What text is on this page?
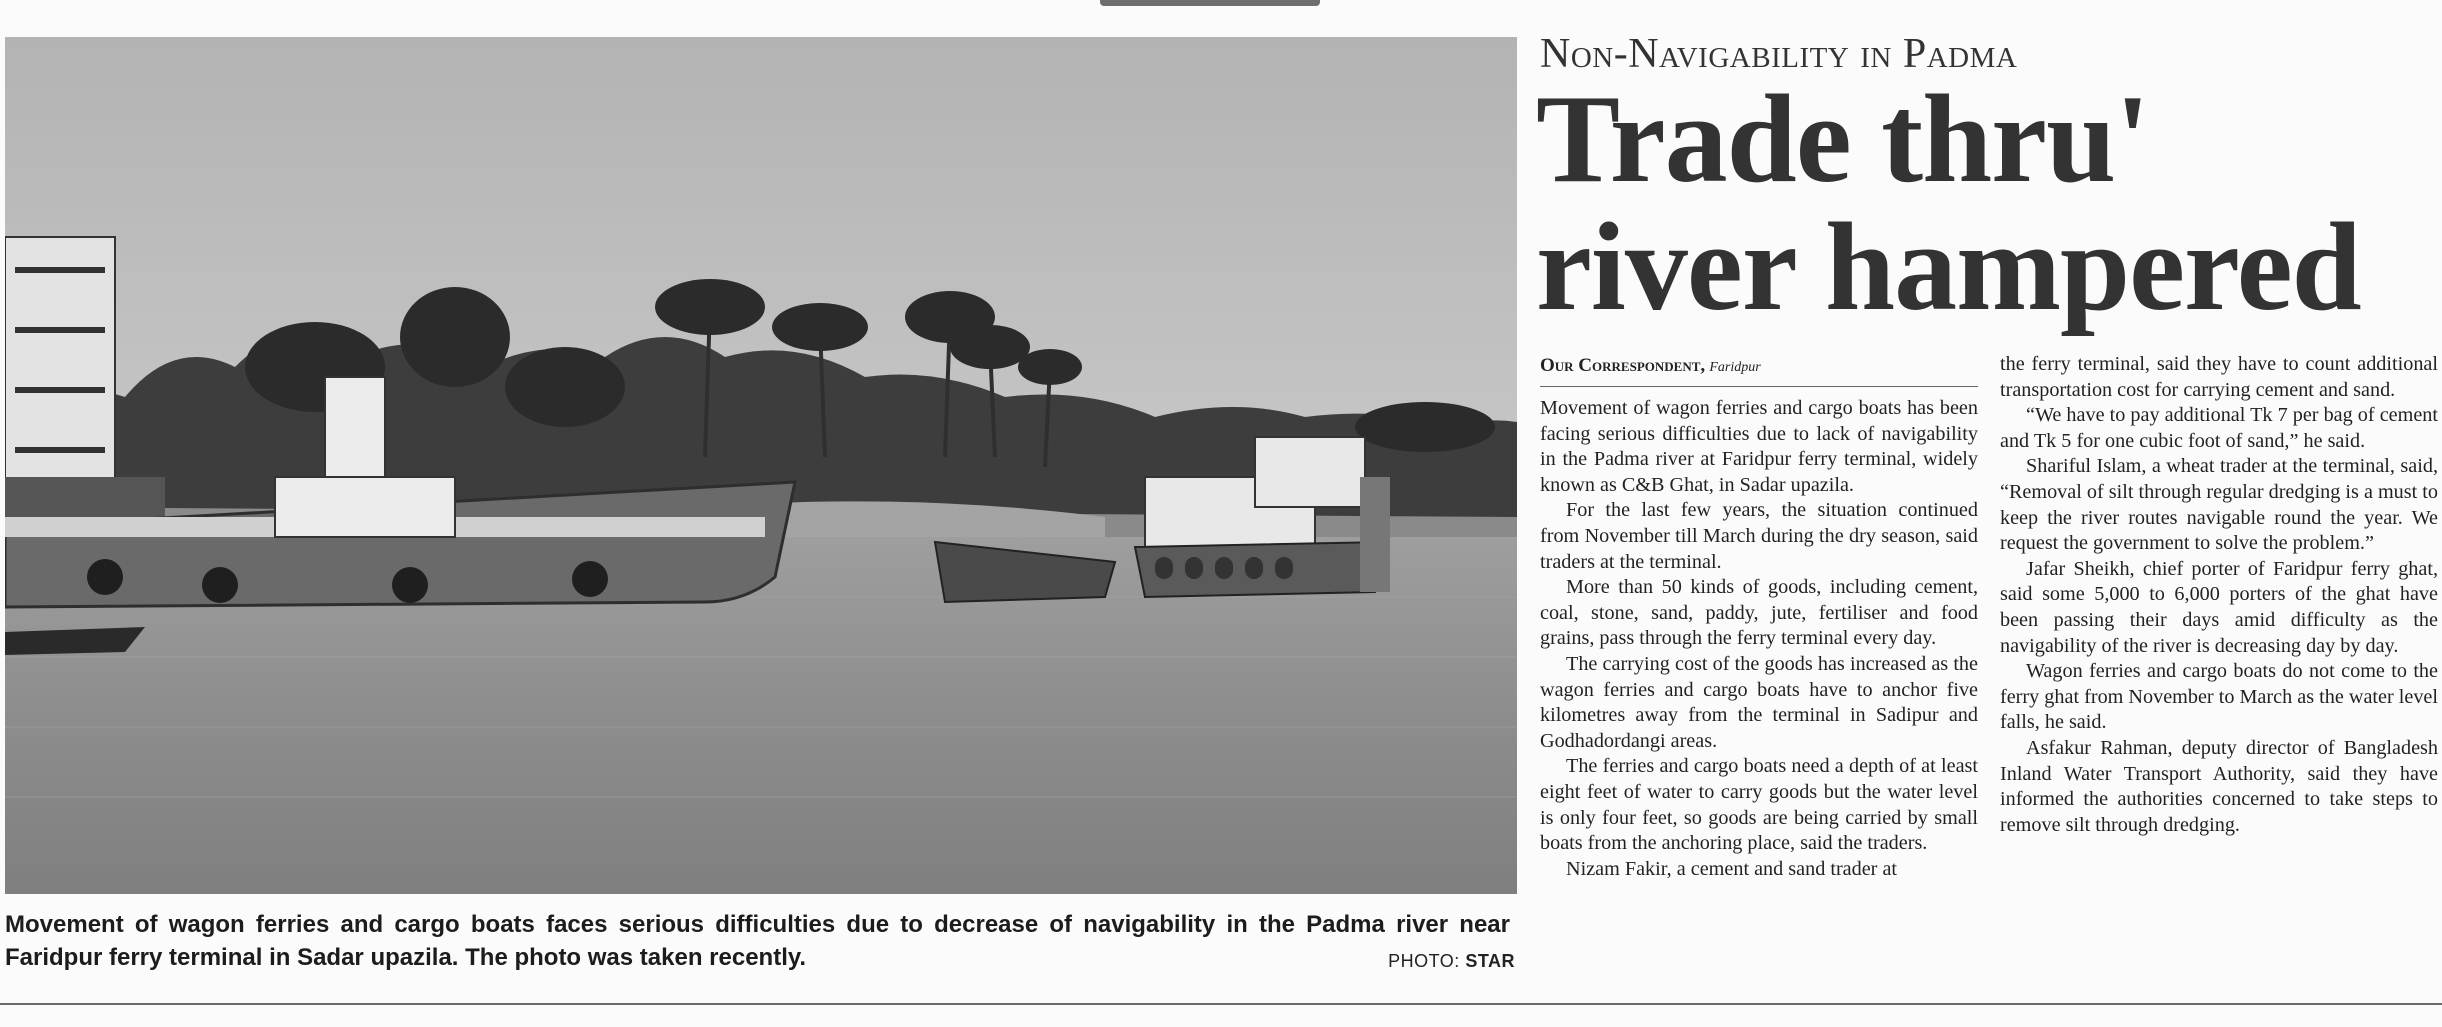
Movement of wagon ferries and cargo boats faces serious difficulties due to decrease of navigability in the Padma river near Faridpur ferry terminal in Sadar upazila. The photo was taken recently.	PHOTO: STAR
Non-Navigability in Padma
Trade thru' river hampered
Our Correspondent, Faridpur

Movement of wagon ferries and cargo boats has been facing serious difficulties due to lack of navigability in the Padma river at Faridpur ferry terminal, widely known as C&B Ghat, in Sadar upazila.

For the last few years, the situation continued from November till March during the dry season, said traders at the terminal.

More than 50 kinds of goods, including cement, coal, stone, sand, paddy, jute, fertiliser and food grains, pass through the ferry terminal every day.

The carrying cost of the goods has increased as the wagon ferries and cargo boats have to anchor five kilometres away from the terminal in Sadipur and Godhadordangi areas.

The ferries and cargo boats need a depth of at least eight feet of water to carry goods but the water level is only four feet, so goods are being carried by small boats from the anchoring place, said the traders.

Nizam Fakir, a cement and sand trader at

the ferry terminal, said they have to count additional transportation cost for carrying cement and sand.

“We have to pay additional Tk 7 per bag of cement and Tk 5 for one cubic foot of sand,” he said.

Shariful Islam, a wheat trader at the terminal, said, “Removal of silt through regular dredging is a must to keep the river routes navigable round the year. We request the government to solve the problem.”

Jafar Sheikh, chief porter of Faridpur ferry ghat, said some 5,000 to 6,000 porters of the ghat have been passing their days amid difficulty as the navigability of the river is decreasing day by day.

Wagon ferries and cargo boats do not come to the ferry ghat from November to March as the water level falls, he said.

Asfakur Rahman, deputy director of Bangladesh Inland Water Transport Authority, said they have informed the authorities concerned to take steps to remove silt through dredging.
